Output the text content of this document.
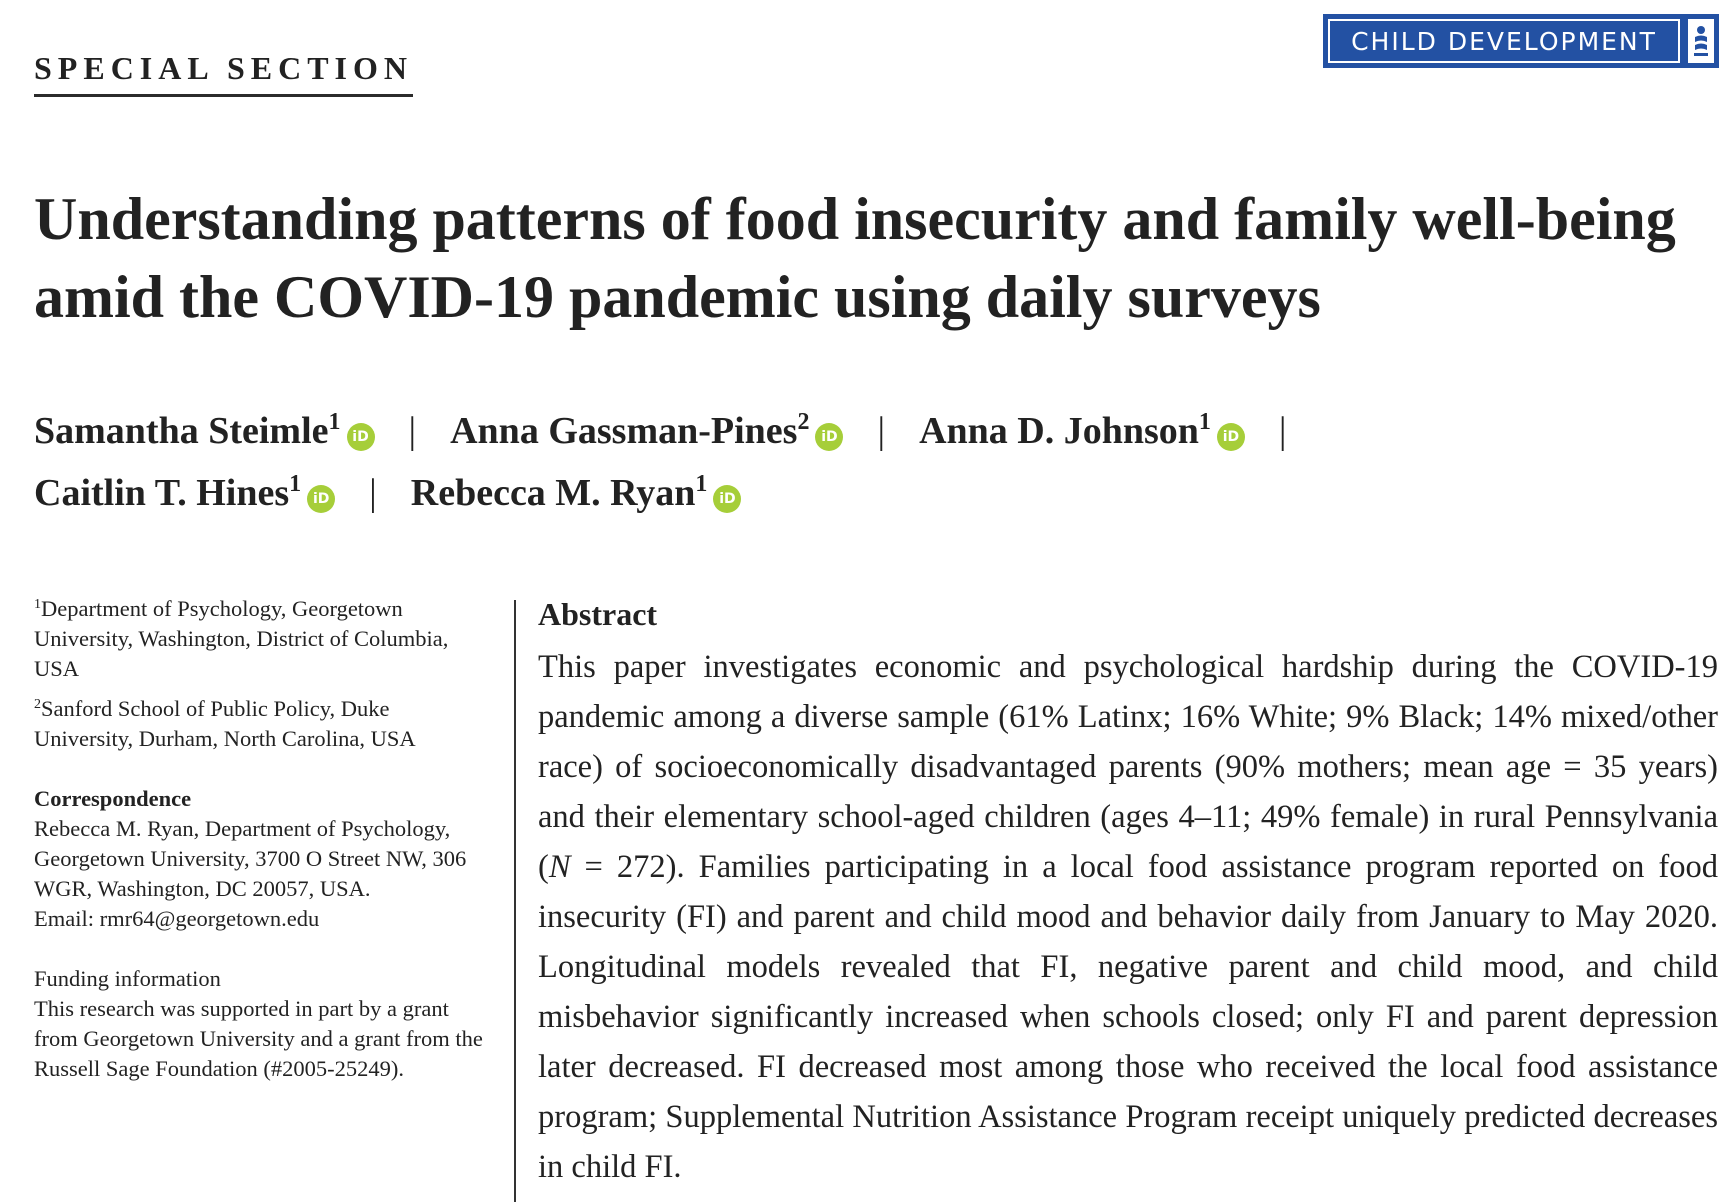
SPECIAL SECTION
CHILD DEVELOPMENT
Understanding patterns of food insecurity and family well-being amid the COVID-19 pandemic using daily surveys
Samantha Steimle$^1$iD | Anna Gassman-Pines$^2$iD | Anna D. Johnson$^1$iD |
Caitlin T. Hines$^1$iD | Rebecca M. Ryan$^1$iD

$^1$Department of Psychology, Georgetown University, Washington, District of Columbia, USA

$^2$Sanford School of Public Policy, Duke University, Durham, North Carolina, USA

Correspondence

Rebecca M. Ryan, Department of Psychology, Georgetown University, 3700 O Street NW, 306 WGR, Washington, DC 20057, USA.

Email: rmr64@georgetown.edu

Funding information

This research was supported in part by a grant from Georgetown University and a grant from the Russell Sage Foundation (#2005-25249).

Abstract

This paper investigates economic and psychological hardship during the COVID-19 pandemic among a diverse sample (61% Latinx; 16% White; 9% Black; 14% mixed/other race) of socioeconomically disadvantaged parents (90% mothers; mean age = 35 years) and their elementary school-aged children (ages 4–11; 49% female) in rural Pennsylvania (N = 272). Families participating in a local food assistance program reported on food insecurity (FI) and parent and child mood and behavior daily from January to May 2020. Longitudinal models revealed that FI, negative parent and child mood, and child misbehavior significantly increased when schools closed; only FI and parent depression later decreased. FI decreased most among those who received the local food assistance program; Supplemental Nutrition Assistance Program receipt uniquely predicted decreases in child FI.
